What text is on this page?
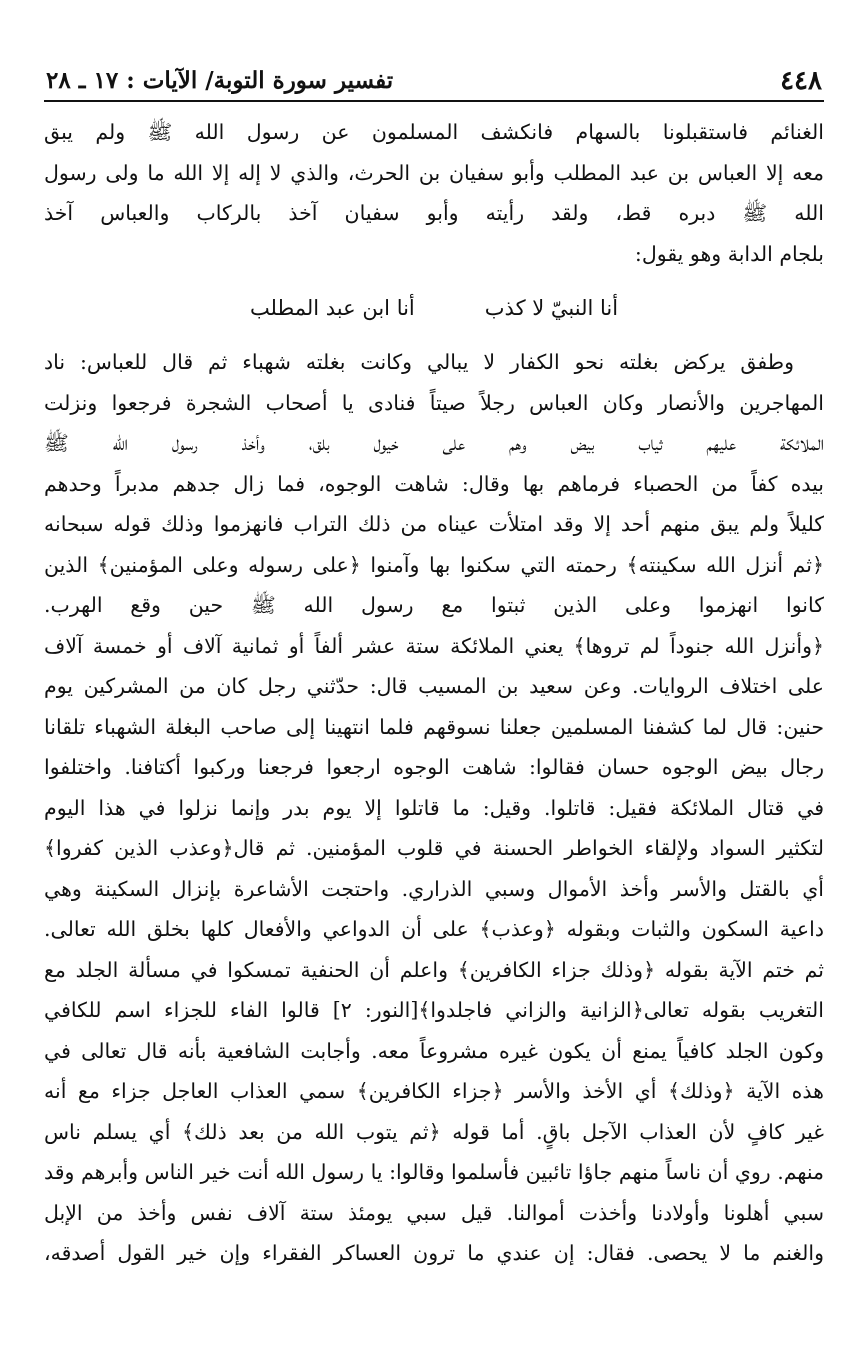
٤٤٨
تفسير سورة التوبة/ الآيات : ١٧ ـ ٢٨
الغنائم فاستقبلونا بالسهام فانكشف المسلمون عن رسول الله ﷺ ولم يبق
معه إلا العباس بن عبد المطلب وأبو سفيان بن الحرث، والذي لا إله إلا الله ما ولى رسول
الله ﷺ دبره قط، ولقد رأيته وأبو سفيان آخذ بالركاب والعباس آخذ
بلجام الدابة وهو يقول:
أنا النبيّ لا كذب
أنا ابن عبد المطلب
وطفق يركض بغلته نحو الكفار لا يبالي وكانت بغلته شهباء ثم قال للعباس: ناد
المهاجرين والأنصار وكان العباس رجلاً صيتاً فنادى يا أصحاب الشجرة فرجعوا ونزلت
الملائكة عليهم ثياب بيض وهم على خيول بلق، وأخذ رسول الله ﷺ
بيده كفاً من الحصباء فرماهم بها وقال: شاهت الوجوه، فما زال جدهم مدبراً وحدهم
كليلاً ولم يبق منهم أحد إلا وقد امتلأت عيناه من ذلك التراب فانهزموا وذلك قوله سبحانه
﴿ثم أنزل الله سكينته﴾ رحمته التي سكنوا بها وآمنوا ﴿على رسوله وعلى المؤمنين﴾ الذين
كانوا انهزموا وعلى الذين ثبتوا مع رسول الله ﷺ حين وقع الهرب.
﴿وأنزل الله جنوداً لم تروها﴾ يعني الملائكة ستة عشر ألفاً أو ثمانية آلاف أو خمسة آلاف
على اختلاف الروايات. وعن سعيد بن المسيب قال: حدّثني رجل كان من المشركين يوم
حنين: قال لما كشفنا المسلمين جعلنا نسوقهم فلما انتهينا إلى صاحب البغلة الشهباء تلقانا
رجال بيض الوجوه حسان فقالوا: شاهت الوجوه ارجعوا فرجعنا وركبوا أكتافنا. واختلفوا
في قتال الملائكة فقيل: قاتلوا. وقيل: ما قاتلوا إلا يوم بدر وإنما نزلوا في هذا اليوم
لتكثير السواد ولإلقاء الخواطر الحسنة في قلوب المؤمنين. ثم قال﴿وعذب الذين كفروا﴾
أي بالقتل والأسر وأخذ الأموال وسبي الذراري. واحتجت الأشاعرة بإنزال السكينة وهي
داعية السكون والثبات وبقوله ﴿وعذب﴾ على أن الدواعي والأفعال كلها بخلق الله تعالى.
ثم ختم الآية بقوله ﴿وذلك جزاء الكافرين﴾ واعلم أن الحنفية تمسكوا في مسألة الجلد مع
التغريب بقوله تعالى﴿الزانية والزاني فاجلدوا﴾[النور: ٢] قالوا الفاء للجزاء اسم للكافي
وكون الجلد كافياً يمنع أن يكون غيره مشروعاً معه. وأجابت الشافعية بأنه قال تعالى في
هذه الآية ﴿وذلك﴾ أي الأخذ والأسر ﴿جزاء الكافرين﴾ سمي العذاب العاجل جزاء مع أنه
غير كافٍ لأن العذاب الآجل باقٍ. أما قوله ﴿ثم يتوب الله من بعد ذلك﴾ أي يسلم ناس
منهم. روي أن ناساً منهم جاؤا تائبين فأسلموا وقالوا: يا رسول الله أنت خير الناس وأبرهم وقد
سبي أهلونا وأولادنا وأخذت أموالنا. قيل سبي يومئذ ستة آلاف نفس وأخذ من الإبل
والغنم ما لا يحصى. فقال: إن عندي ما ترون العساكر الفقراء وإن خير القول أصدقه،
